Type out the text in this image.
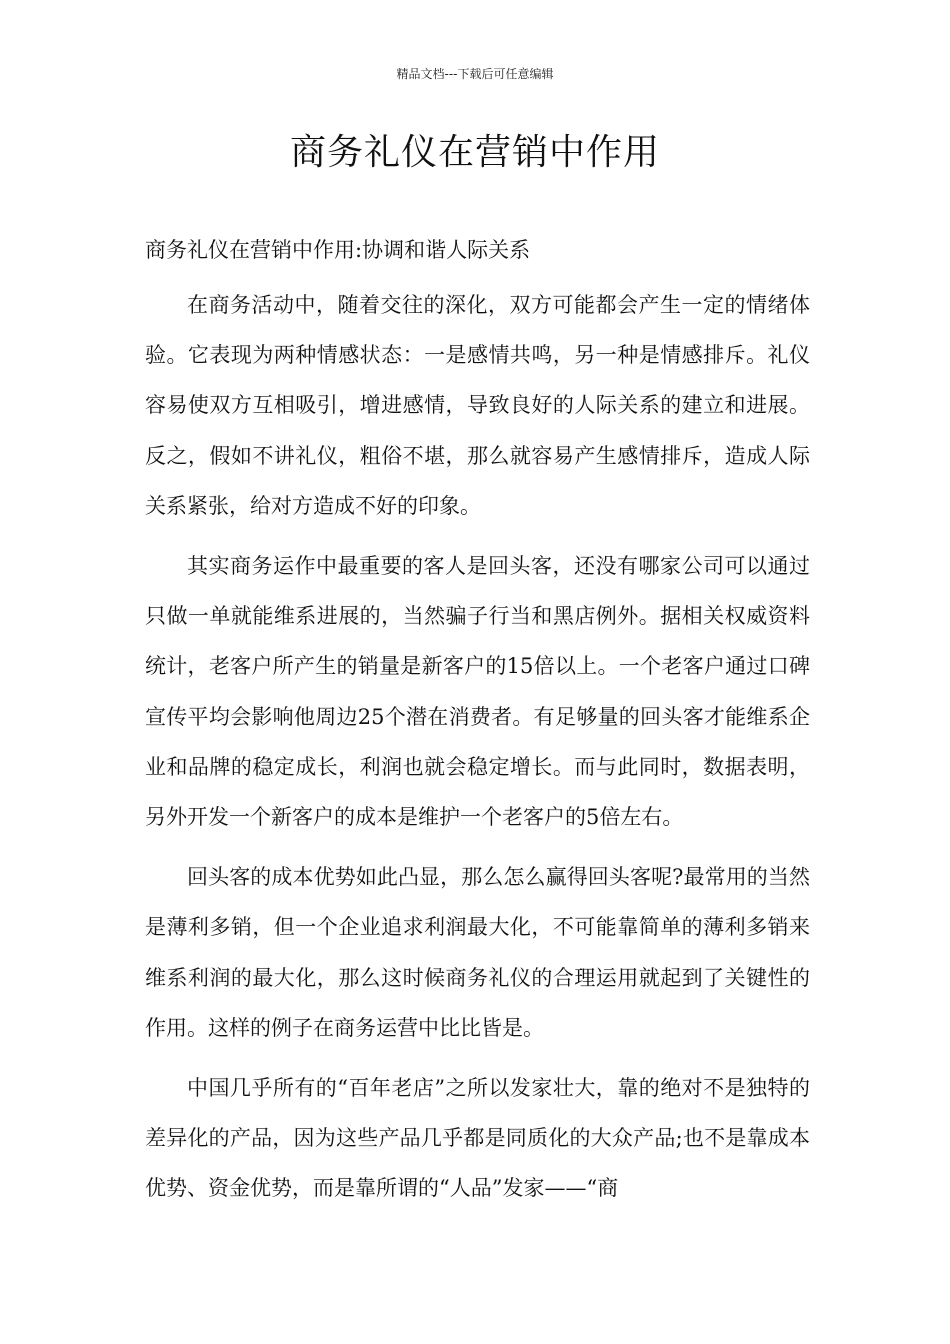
精品文档---下载后可任意编辑
商务礼仪在营销中作用

商务礼仪在营销中作用:协调和谐人际关系

在商务活动中，随着交往的深化，双方可能都会产生一定的情绪体验。它表现为两种情感状态：一是感情共鸣，另一种是情感排斥。礼仪容易使双方互相吸引，增进感情，导致良好的人际关系的建立和进展。反之，假如不讲礼仪，粗俗不堪，那么就容易产生感情排斥，造成人际关系紧张，给对方造成不好的印象。

其实商务运作中最重要的客人是回头客，还没有哪家公司可以通过只做一单就能维系进展的，当然骗子行当和黑店例外。据相关权威资料统计，老客户所产生的销量是新客户的15倍以上。一个老客户通过口碑宣传平均会影响他周边25个潜在消费者。有足够量的回头客才能维系企业和品牌的稳定成长，利润也就会稳定增长。而与此同时，数据表明，另外开发一个新客户的成本是维护一个老客户的5倍左右。

回头客的成本优势如此凸显，那么怎么赢得回头客呢?最常用的当然是薄利多销，但一个企业追求利润最大化，不可能靠简单的薄利多销来维系利润的最大化，那么这时候商务礼仪的合理运用就起到了关键性的作用。这样的例子在商务运营中比比皆是。

中国几乎所有的“百年老店”之所以发家壮大，靠的绝对不是独特的差异化的产品，因为这些产品几乎都是同质化的大众产品;也不是靠成本优势、资金优势，而是靠所谓的“人品”发家——“商
